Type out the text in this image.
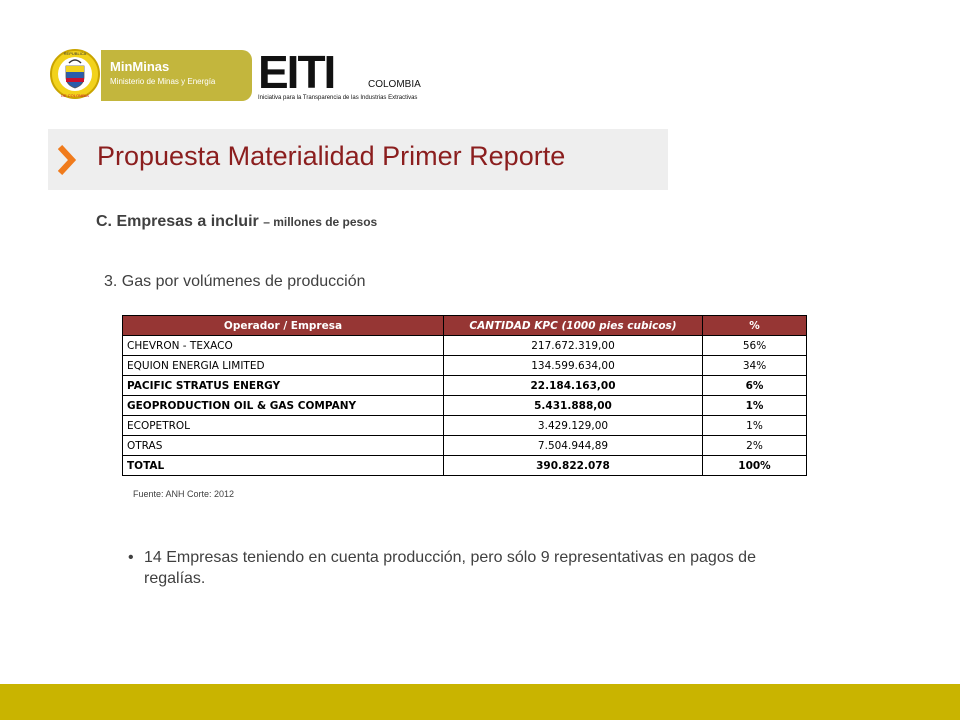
REPUBLICA
DE COLOMBIA
MinMinas
Ministerio de Minas y Energía EITI	COLOMBIA
Iniciativa para la Transparencia de las Industrias Extractivas
Propuesta Materialidad Primer Reporte
C. Empresas a incluir – millones de pesos
3. Gas por volúmenes de producción
Operador / Empresa	CANTIDAD KPC (1000 pies cubicos)	%
CHEVRON - TEXACO	217.672.319,00	56%
EQUION ENERGIA LIMITED	134.599.634,00	34%
PACIFIC STRATUS ENERGY	22.184.163,00	6%
GEOPRODUCTION OIL & GAS COMPANY	5.431.888,00	1%
ECOPETROL	3.429.129,00	1%
OTRAS	7.504.944,89	2%
TOTAL	390.822.078	100%
Fuente: ANH Corte: 2012
• 14 Empresas teniendo en cuenta producción, pero sólo 9 representativas en pagos de regalías.
